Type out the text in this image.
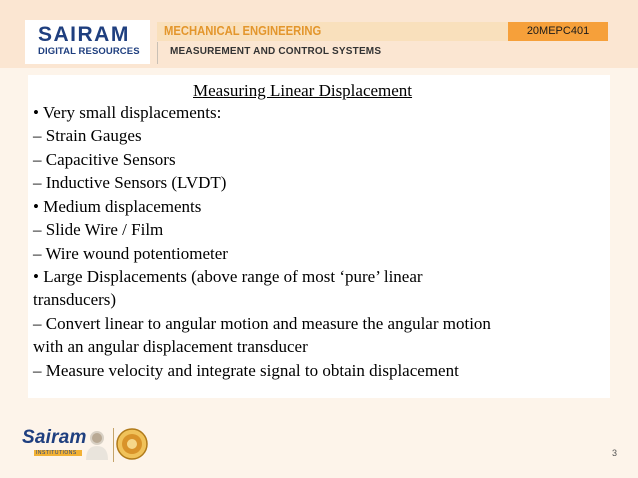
SAIRAM
DIGITAL RESOURCES
MECHANICAL ENGINEERING	20MEPC401
MEASUREMENT AND CONTROL SYSTEMS
Measuring Linear Displacement
• Very small displacements:
– Strain Gauges
– Capacitive Sensors
– Inductive Sensors (LVDT)
• Medium displacements
– Slide Wire / Film
– Wire wound potentiometer
• Large Displacements (above range of most ‘pure’ linear
transducers)
– Convert linear to angular motion and measure the angular motion
with an angular displacement transducer
– Measure velocity and integrate signal to obtain displacement
Sairam
INSTITUTIONS	3
